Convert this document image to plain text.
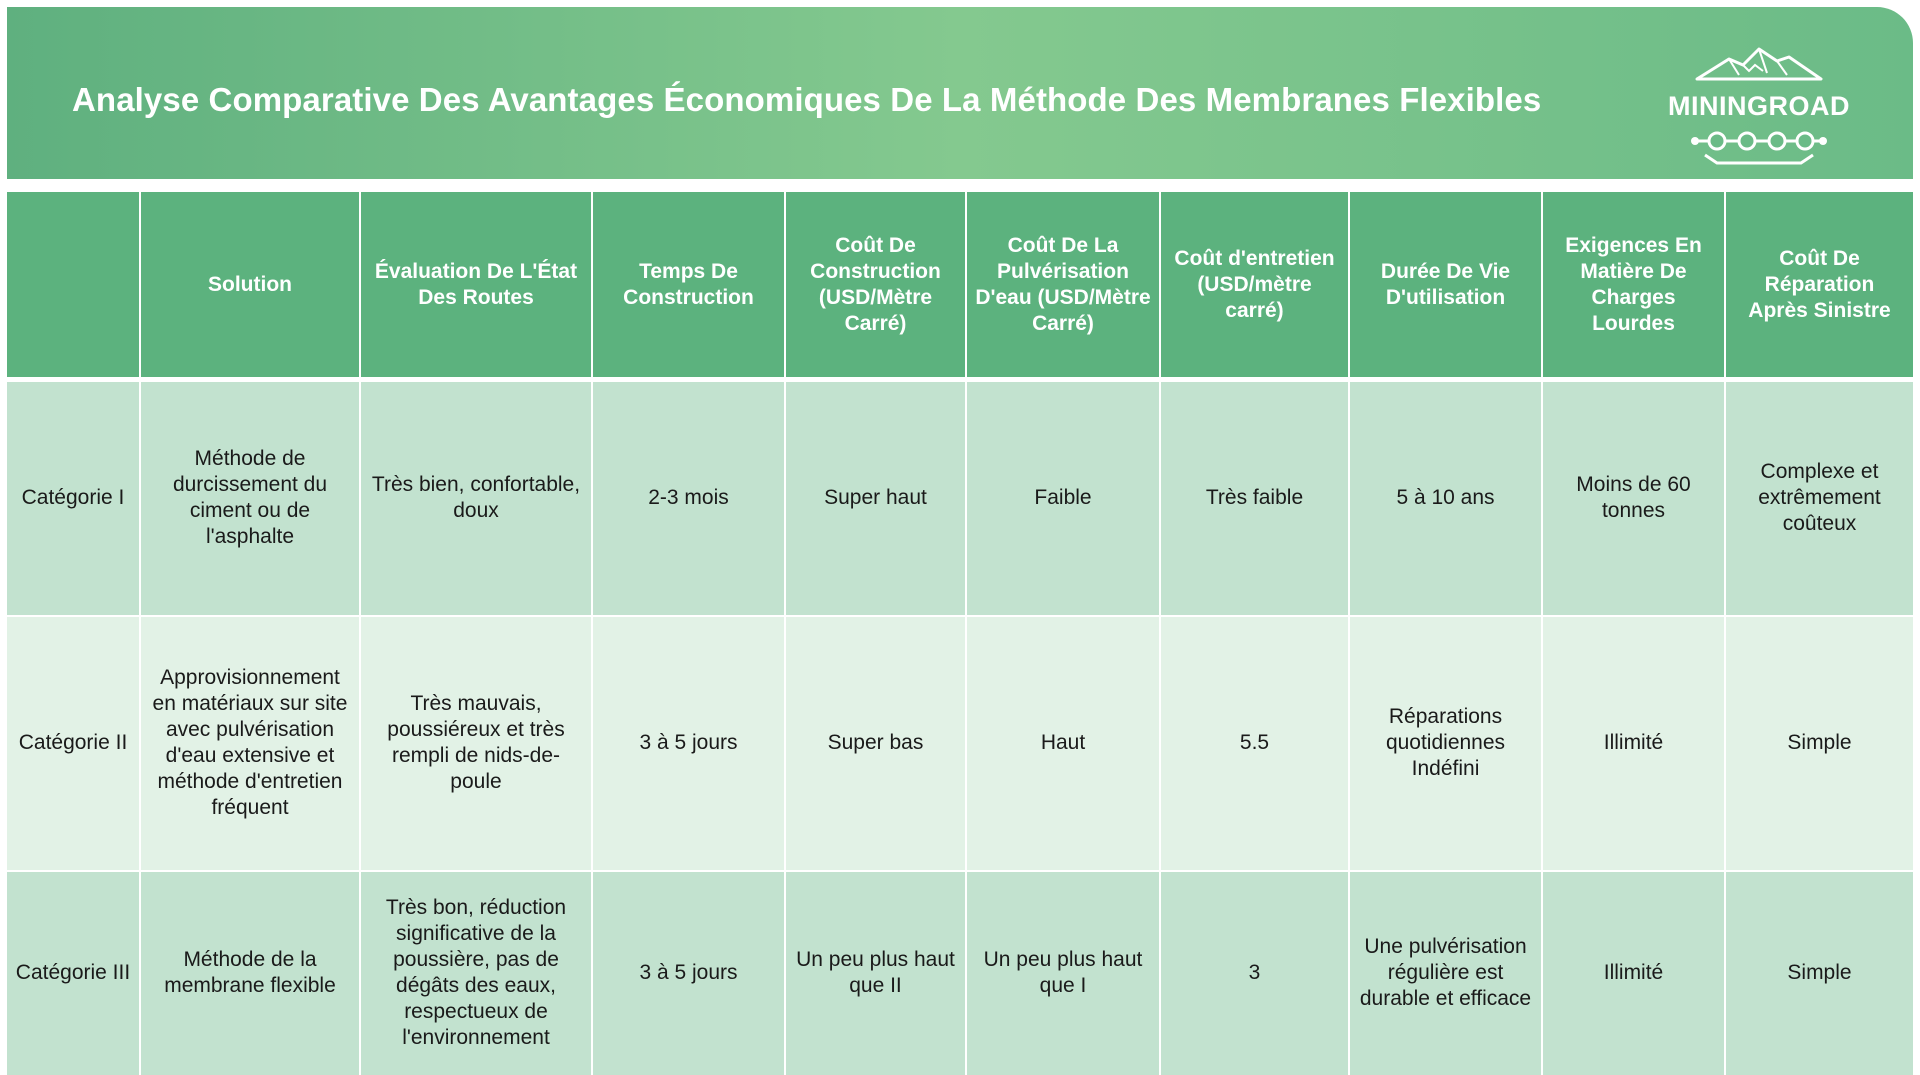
Analyse Comparative Des Avantages Économiques De La Méthode Des Membranes Flexibles	MININGROAD
	Solution	Évaluation De L'État Des Routes	Temps De Construction	Coût De Construction (USD/Mètre Carré)	Coût De La Pulvérisation D'eau (USD/Mètre Carré)	Coût d'entretien (USD/mètre carré)	Durée De Vie D'utilisation	Exigences En Matière De Charges Lourdes	Coût De Réparation Après Sinistre
Catégorie I	Méthode de durcissement du ciment ou de l'asphalte	Très bien, confortable, doux	2-3 mois	Super haut	Faible	Très faible	5 à 10 ans	Moins de 60 tonnes	Complexe et extrêmement coûteux
Catégorie II	Approvisionnement en matériaux sur site avec pulvérisation d'eau extensive et méthode d'entretien fréquent	Très mauvais, poussiéreux et très rempli de nids-de-poule	3 à 5 jours	Super bas	Haut	5.5	Réparations quotidiennes Indéfini	Illimité	Simple
Catégorie III	Méthode de la membrane flexible	Très bon, réduction significative de la poussière, pas de dégâts des eaux, respectueux de l'environnement	3 à 5 jours	Un peu plus haut que II	Un peu plus haut que I	3	Une pulvérisation régulière est durable et efficace	Illimité	Simple
